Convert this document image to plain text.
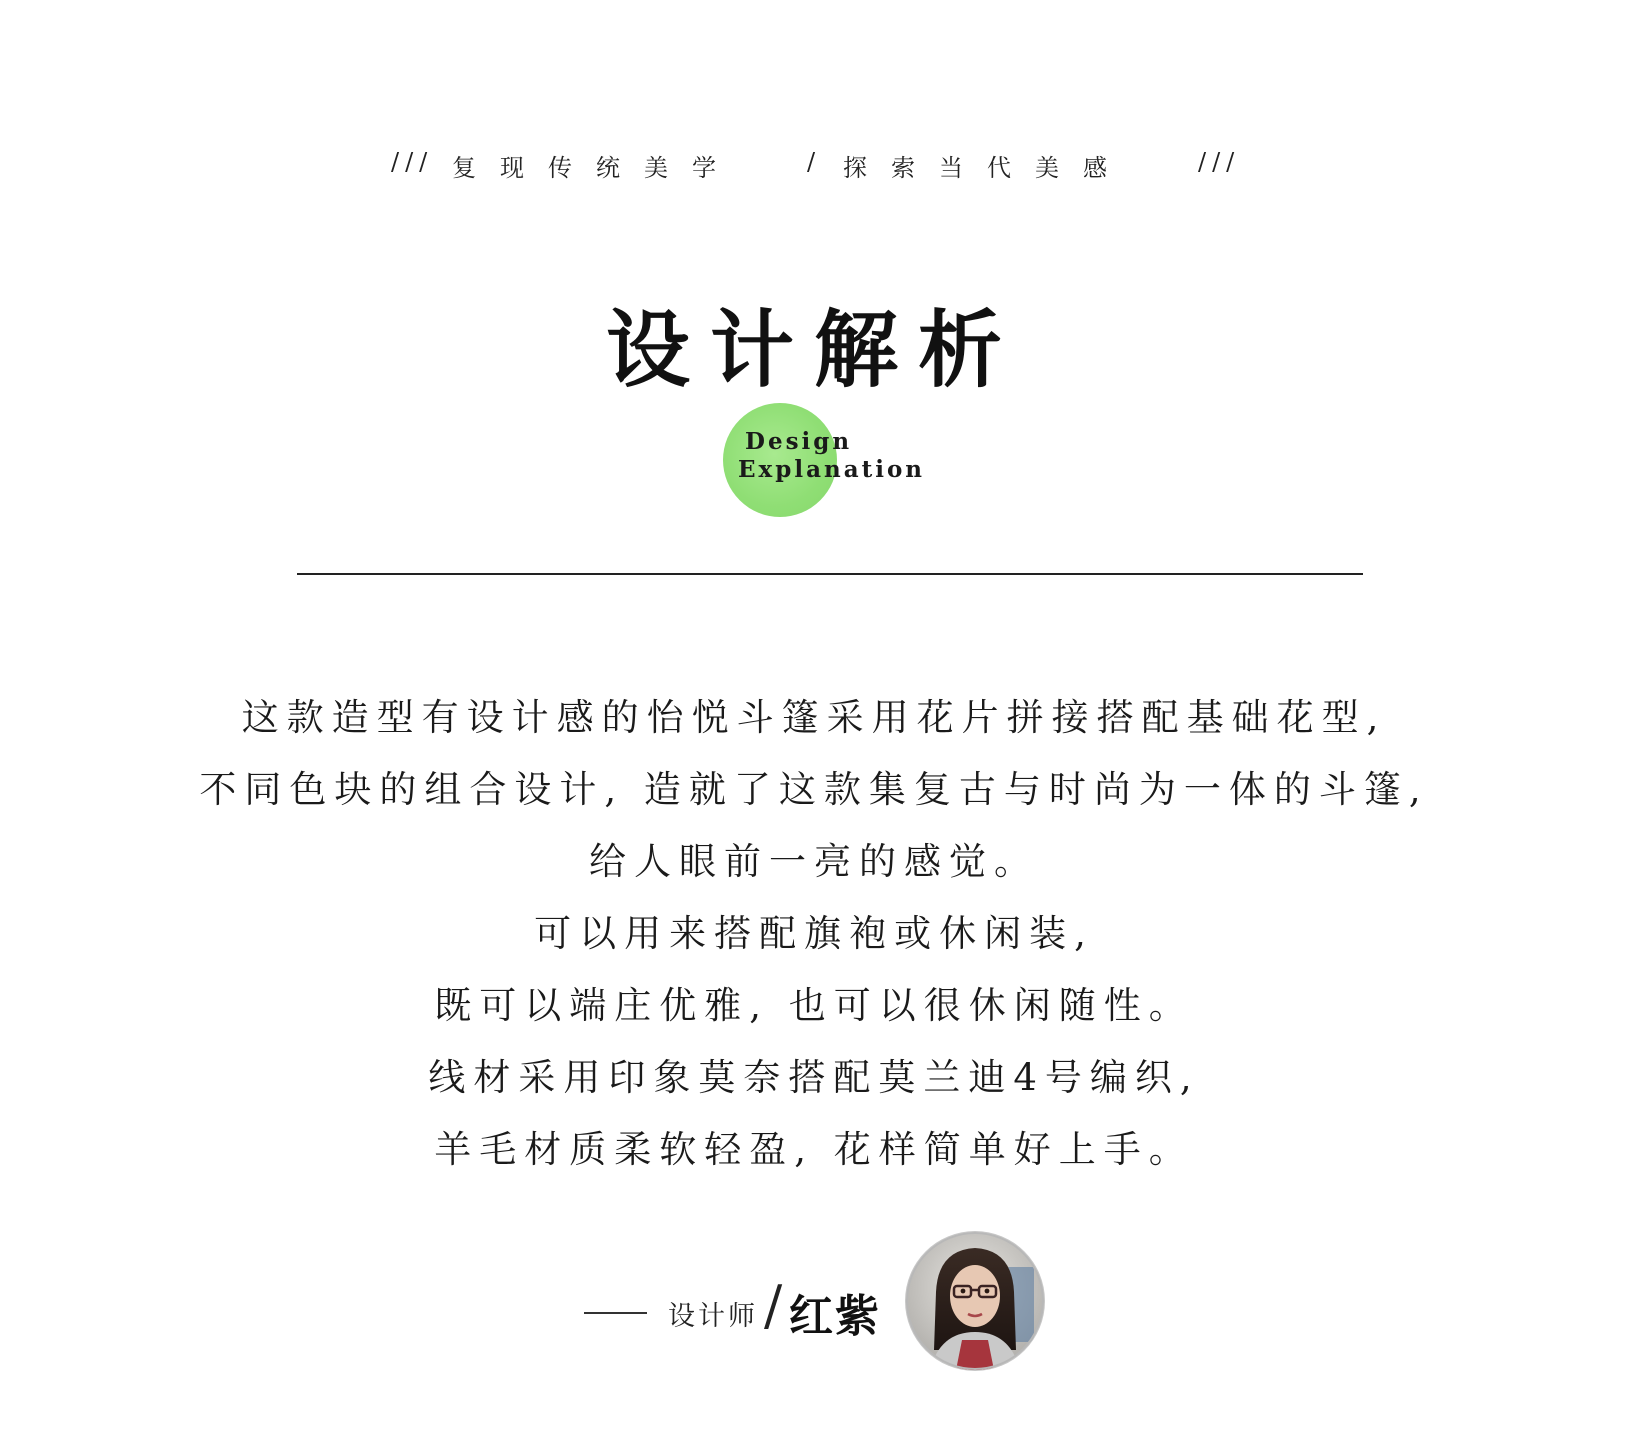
/// 复现传统美学	/ 探索当代美感	///
设计解析
Design
Explanation
这款造型有设计感的怡悦斗篷采用花片拼接搭配基础花型,
不同色块的组合设计, 造就了这款集复古与时尚为一体的斗篷,
给人眼前一亮的感觉。
可以用来搭配旗袍或休闲装,
既可以端庄优雅, 也可以很休闲随性。
线材采用印象莫奈搭配莫兰迪4号编织,
羊毛材质柔软轻盈, 花样简单好上手。
设计师 / 红紫
